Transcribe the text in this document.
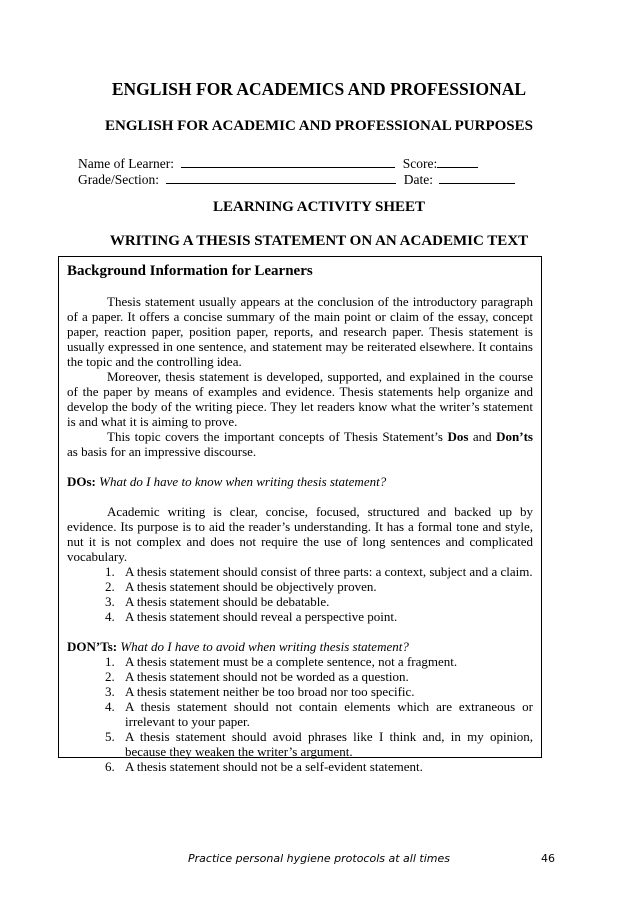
ENGLISH FOR ACADEMICS AND PROFESSIONAL
ENGLISH FOR ACADEMIC AND PROFESSIONAL PURPOSES
Name of Learner:	Score:
Grade/Section:	Date:
LEARNING ACTIVITY SHEET
WRITING A THESIS STATEMENT ON AN ACADEMIC TEXT
Background Information for Learners

Thesis statement usually appears at the conclusion of the introductory paragraph of a paper. It offers a concise summary of the main point or claim of the essay, concept paper, reaction paper, position paper, reports, and research paper. Thesis statement is usually expressed in one sentence, and statement may be reiterated elsewhere. It contains the topic and the controlling idea.

Moreover, thesis statement is developed, supported, and explained in the course of the paper by means of examples and evidence. Thesis statements help organize and develop the body of the writing piece. They let readers know what the writer’s statement is and what it is aiming to prove.

This topic covers the important concepts of Thesis Statement’s Dos and Don’ts as basis for an impressive discourse.

DOs: What do I have to know when writing thesis statement?

Academic writing is clear, concise, focused, structured and backed up by evidence. Its purpose is to aid the reader’s understanding. It has a formal tone and style, nut it is not complex and does not require the use of long sentences and complicated vocabulary.

1. A thesis statement should consist of three parts: a context, subject and a claim.
2. A thesis statement should be objectively proven.
3. A thesis statement should be debatable.
4. A thesis statement should reveal a perspective point.

DON’Ts: What do I have to avoid when writing thesis statement?

1. A thesis statement must be a complete sentence, not a fragment.
2. A thesis statement should not be worded as a question.
3. A thesis statement neither be too broad nor too specific.
4. A thesis statement should not contain elements which are extraneous or irrelevant to your paper.
5. A thesis statement should avoid phrases like I think and, in my opinion, because they weaken the writer’s argument.
6. A thesis statement should not be a self-evident statement.
Practice personal hygiene protocols at all times	46
